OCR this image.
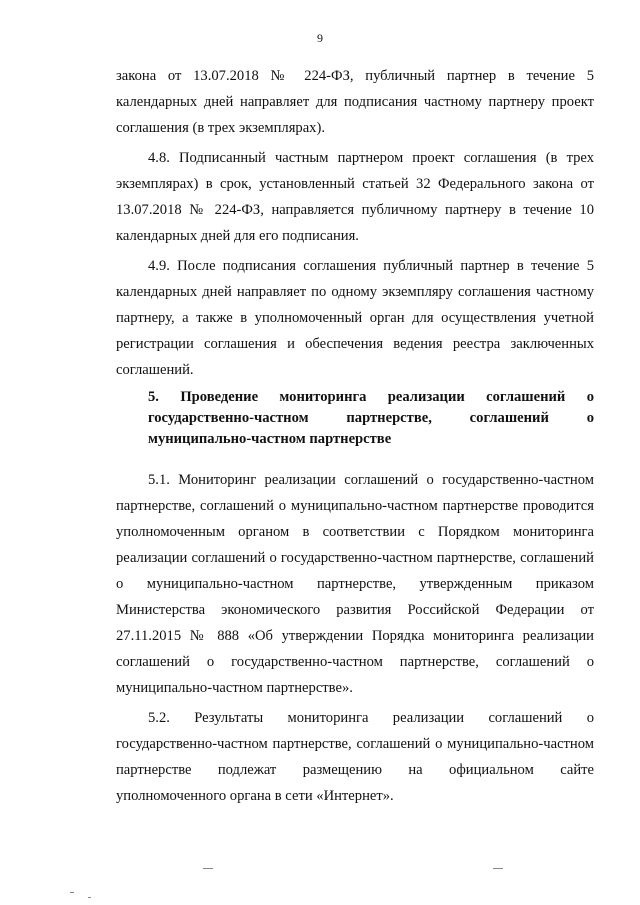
9

закона от 13.07.2018 № 224-ФЗ, публичный партнер в течение 5 календарных дней направляет для подписания частному партнеру проект соглашения (в трех экземплярах).

4.8. Подписанный частным партнером проект соглашения (в трех экземплярах) в срок, установленный статьей 32 Федерального закона от 13.07.2018 № 224-ФЗ, направляется публичному партнеру в течение 10 календарных дней для его подписания.

4.9. После подписания соглашения публичный партнер в течение 5 календарных дней направляет по одному экземпляру соглашения частному партнеру, а также в уполномоченный орган для осуществления учетной регистрации соглашения и обеспечения ведения реестра заключенных соглашений.

5. Проведение мониторинга реализации соглашений о государственно-частном партнерстве, соглашений о муниципально-частном партнерстве

5.1. Мониторинг реализации соглашений о государственно-частном партнерстве, соглашений о муниципально-частном партнерстве проводится уполномоченным органом в соответствии с Порядком мониторинга реализации соглашений о государственно-частном партнерстве, соглашений о муниципально-частном партнерстве, утвержденным приказом Министерства экономического развития Российской Федерации от 27.11.2015 № 888 «Об утверждении Порядка мониторинга реализации соглашений о государственно-частном партнерстве, соглашений о муниципально-частном партнерстве».

5.2. Результаты мониторинга реализации соглашений о государственно-частном партнерстве, соглашений о муниципально-частном партнерстве подлежат размещению на официальном сайте уполномоченного органа в сети «Интернет».
